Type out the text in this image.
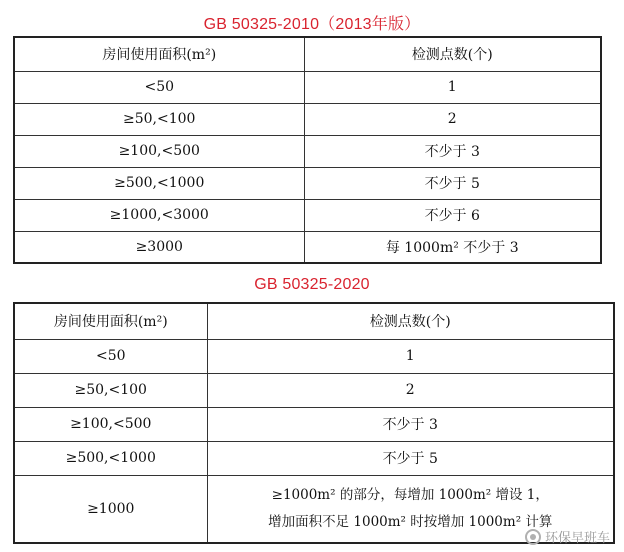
GB 50325-2010（2013年版）
房间使用面积(m²)	检测点数(个)
<50	1
≥50,<100	2
≥100,<500	不少于 3
≥500,<1000	不少于 5
≥1000,<3000	不少于 6
≥3000	每 1000m² 不少于 3
GB 50325-2020
房间使用面积(m²)	检测点数(个)
<50	1
≥50,<100	2
≥100,<500	不少于 3
≥500,<1000	不少于 5
≥1000	≥1000m² 的部分，每增加 1000m² 增设 1，
增加面积不足 1000m² 时按增加 1000m² 计算
环保早班车
